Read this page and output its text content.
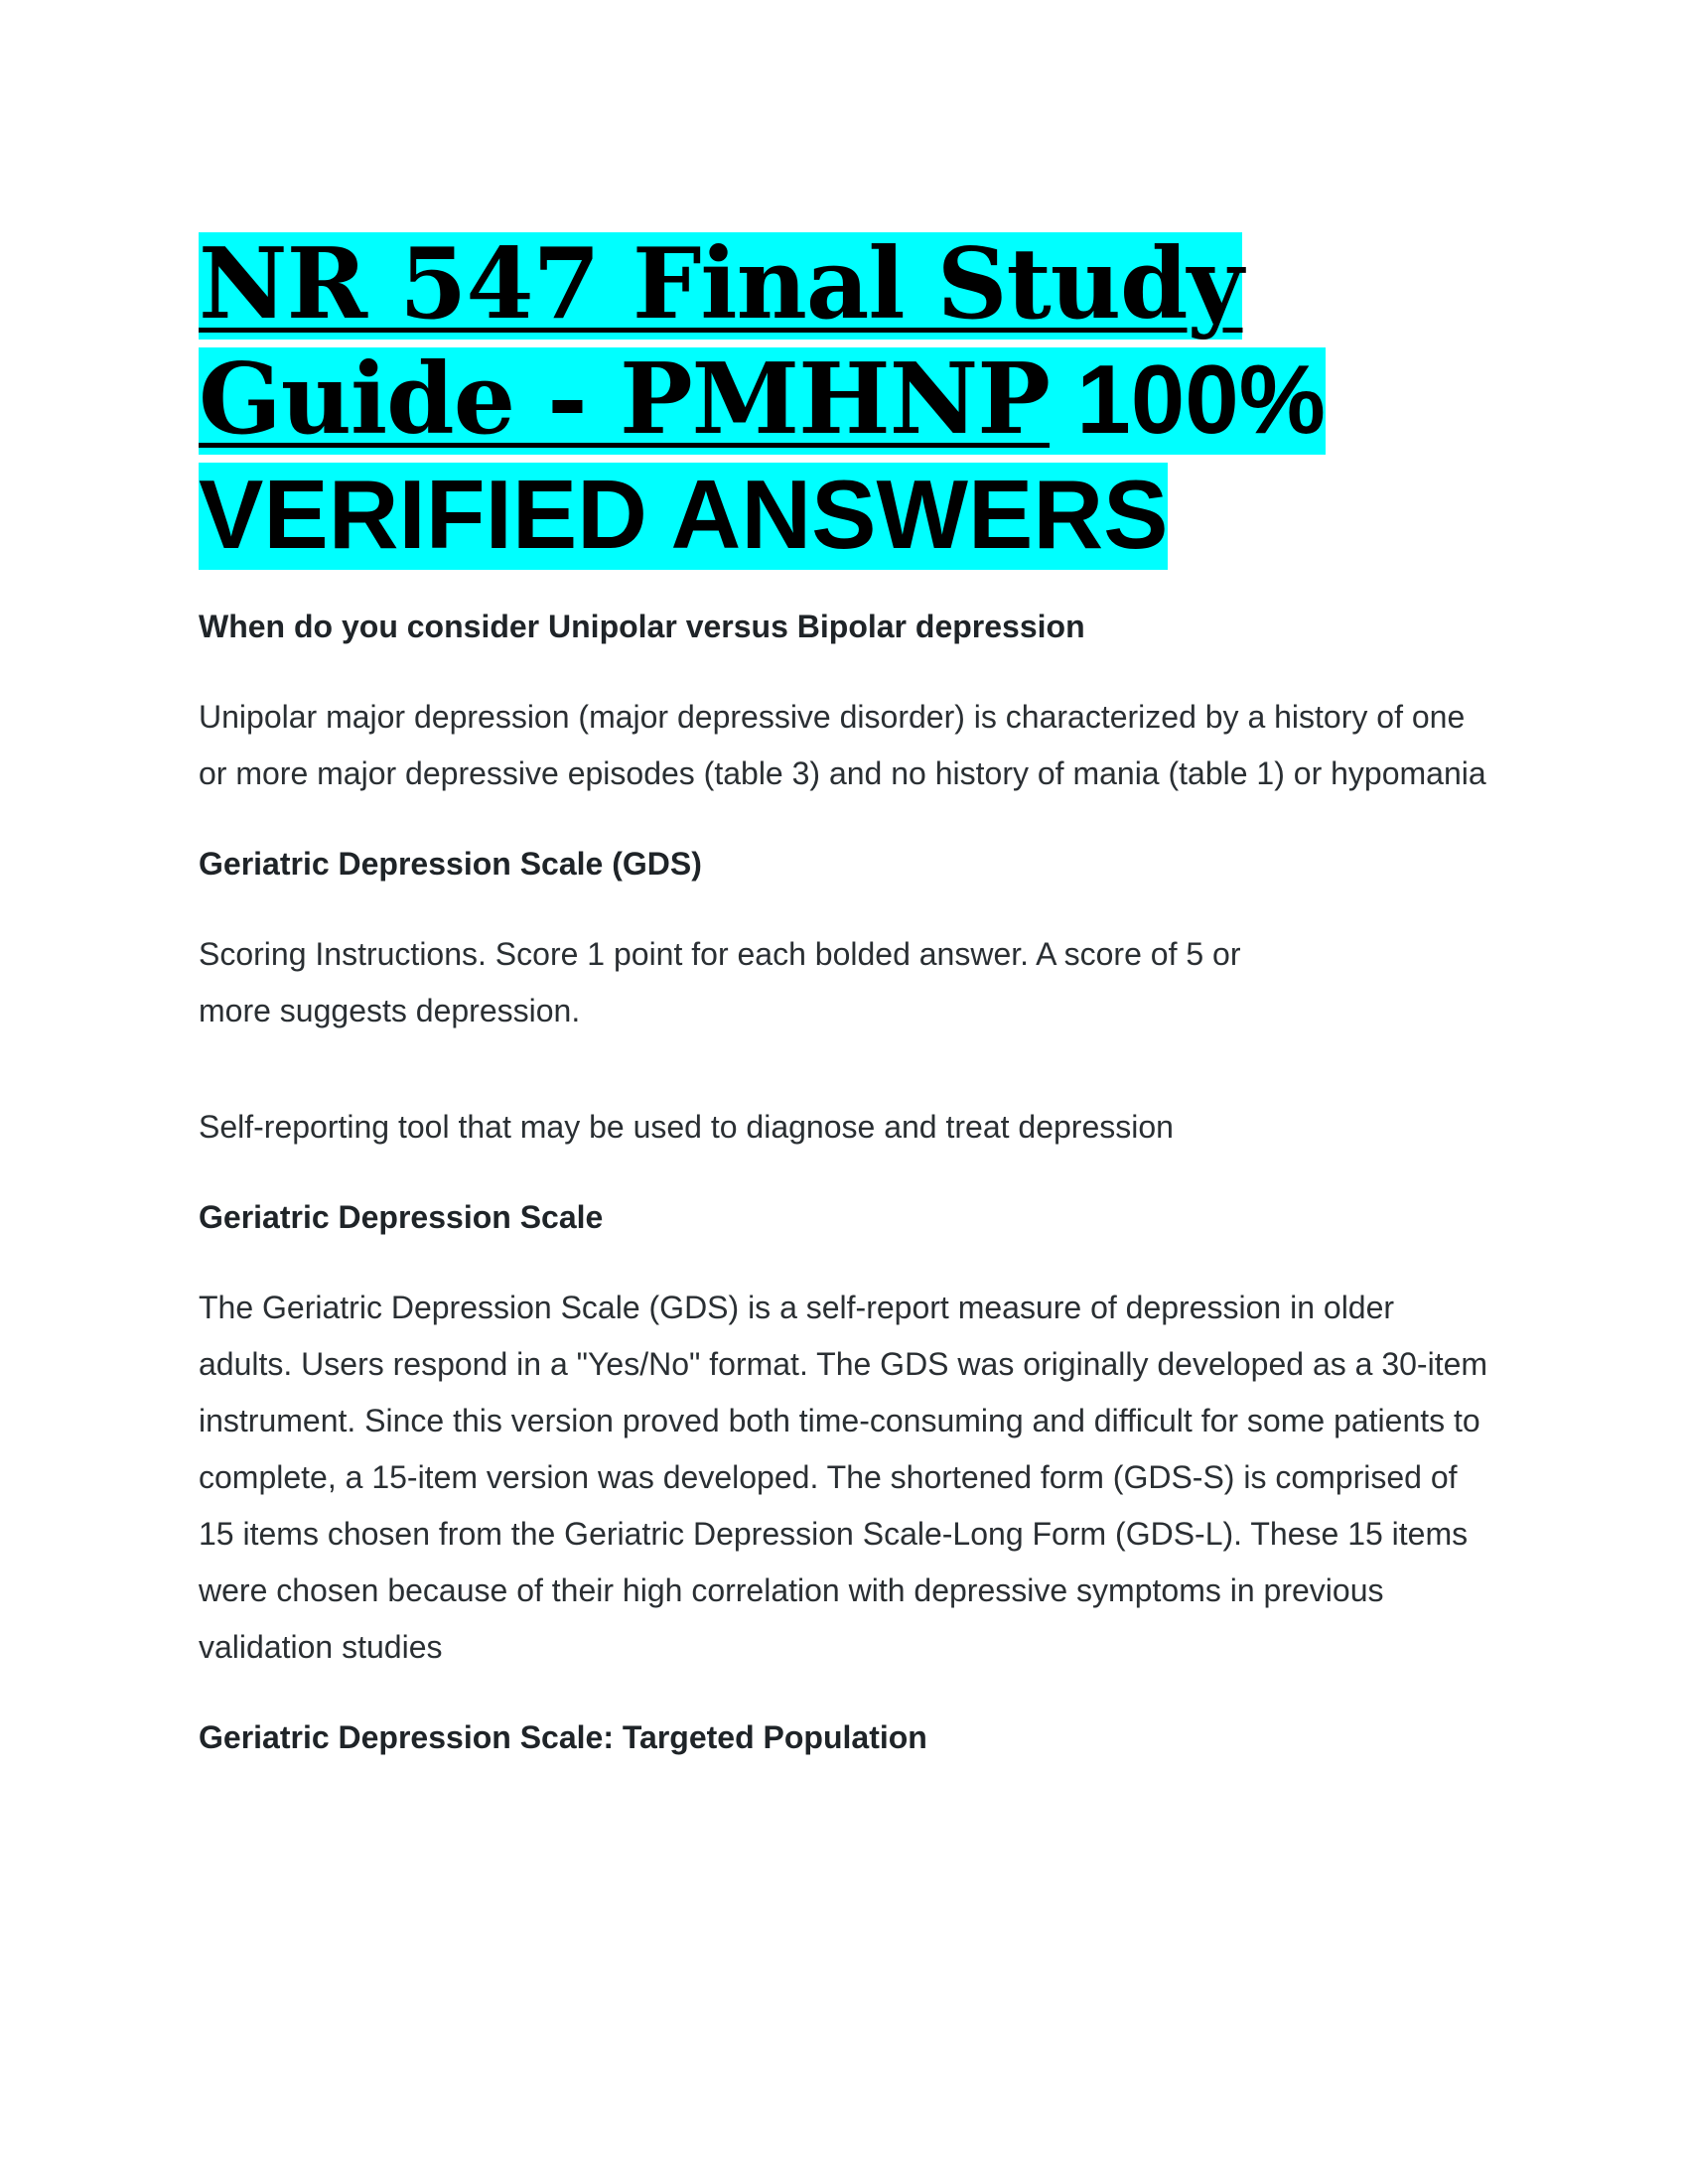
NR 547 Final Study Guide - PMHNP 100% VERIFIED ANSWERS

When do you consider Unipolar versus Bipolar depression

Unipolar major depression (major depressive disorder) is characterized by a history of one or more major depressive episodes (table 3) and no history of mania (table 1) or hypomania

Geriatric Depression Scale (GDS)

Scoring Instructions. Score 1 point for each bolded answer. A score of 5 or more suggests depression.

Self-reporting tool that may be used to diagnose and treat depression

Geriatric Depression Scale

The Geriatric Depression Scale (GDS) is a self-report measure of depression in older adults. Users respond in a "Yes/No" format. The GDS was originally developed as a 30-item instrument. Since this version proved both time-consuming and difficult for some patients to complete, a 15-item version was developed. The shortened form (GDS-S) is comprised of 15 items chosen from the Geriatric Depression Scale-Long Form (GDS-L). These 15 items were chosen because of their high correlation with depressive symptoms in previous validation studies

Geriatric Depression Scale: Targeted Population
